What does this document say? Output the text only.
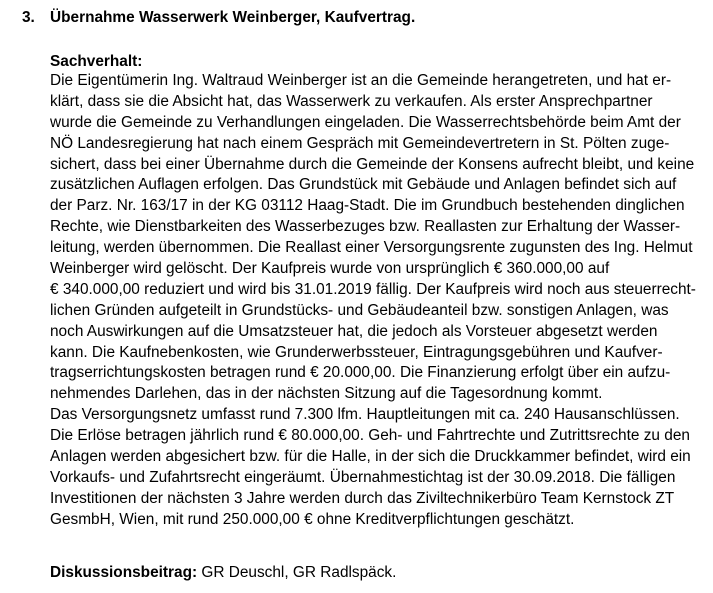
3. Übernahme Wasserwerk Weinberger, Kaufvertrag.
Sachverhalt:
Die Eigentümerin Ing. Waltraud Weinberger ist an die Gemeinde herangetreten, und hat er-
klärt, dass sie die Absicht hat, das Wasserwerk zu verkaufen. Als erster Ansprechpartner
wurde die Gemeinde zu Verhandlungen eingeladen. Die Wasserrechtsbehörde beim Amt der
NÖ Landesregierung hat nach einem Gespräch mit Gemeindevertretern in St. Pölten zuge-
sichert, dass bei einer Übernahme durch die Gemeinde der Konsens aufrecht bleibt, und keine
zusätzlichen Auflagen erfolgen. Das Grundstück mit Gebäude und Anlagen befindet sich auf
der Parz. Nr. 163/17 in der KG 03112 Haag-Stadt. Die im Grundbuch bestehenden dinglichen
Rechte, wie Dienstbarkeiten des Wasserbezuges bzw. Reallasten zur Erhaltung der Wasser-
leitung, werden übernommen. Die Reallast einer Versorgungsrente zugunsten des Ing. Helmut
Weinberger wird gelöscht. Der Kaufpreis wurde von ursprünglich € 360.000,00 auf
€ 340.000,00 reduziert und wird bis 31.01.2019 fällig. Der Kaufpreis wird noch aus steuerrecht-
lichen Gründen aufgeteilt in Grundstücks- und Gebäudeanteil bzw. sonstigen Anlagen, was
noch Auswirkungen auf die Umsatzsteuer hat, die jedoch als Vorsteuer abgesetzt werden
kann. Die Kaufnebenkosten, wie Grunderwerbssteuer, Eintragungsgebühren und Kaufver-
tragserrichtungskosten betragen rund € 20.000,00. Die Finanzierung erfolgt über ein aufzu-
nehmendes Darlehen, das in der nächsten Sitzung auf die Tagesordnung kommt.
Das Versorgungsnetz umfasst rund 7.300 lfm. Hauptleitungen mit ca. 240 Hausanschlüssen.
Die Erlöse betragen jährlich rund € 80.000,00. Geh- und Fahrtrechte und Zutrittsrechte zu den
Anlagen werden abgesichert bzw. für die Halle, in der sich die Druckkammer befindet, wird ein
Vorkaufs- und Zufahrtsrecht eingeräumt. Übernahmestichtag ist der 30.09.2018. Die fälligen
Investitionen der nächsten 3 Jahre werden durch das Ziviltechnikerbüro Team Kernstock ZT
GesmbH, Wien, mit rund 250.000,00 € ohne Kreditverpflichtungen geschätzt.
Diskussionsbeitrag: GR Deuschl, GR Radlspäck.
